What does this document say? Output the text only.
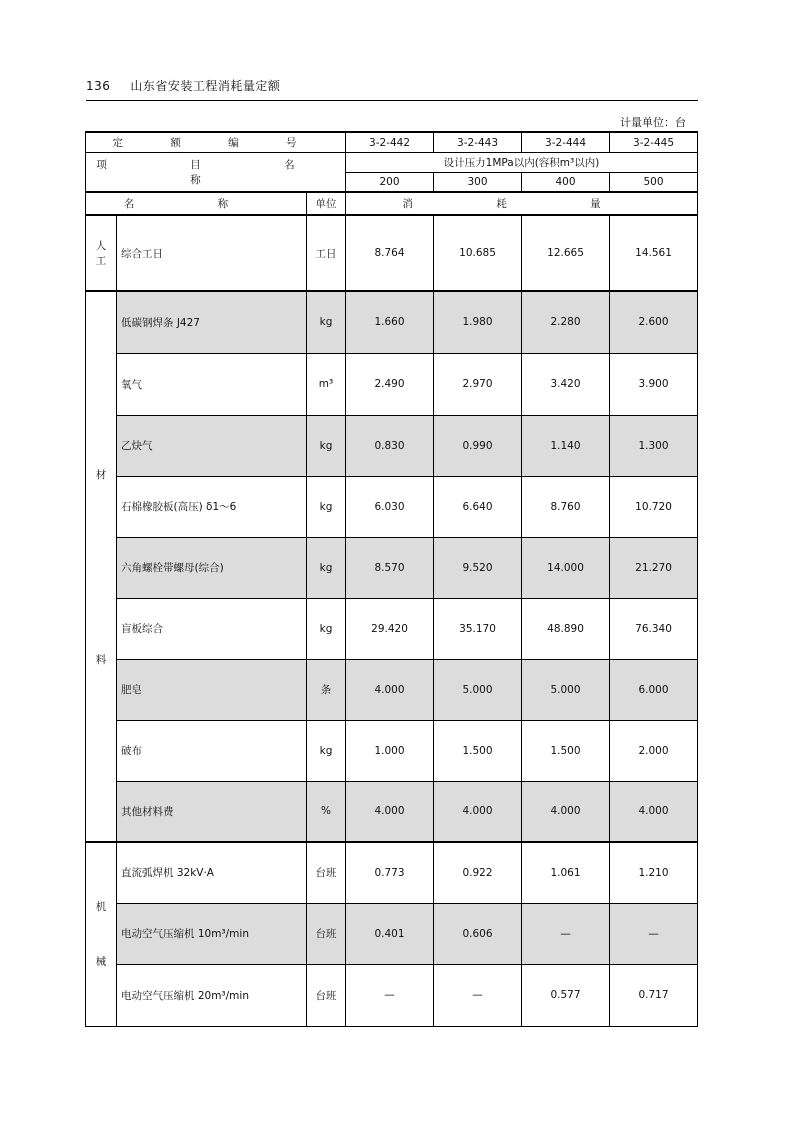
136 山东省安装工程消耗量定额
计量单位：台
定 额 编 号			3-2-442	3-2-443	3-2-444	3-2-445
项 目 名 称			设计压力1MPa以内(容积m³以内)			
			200	300	400	500
名 称		单位	消 耗 量			
人工	综合工日	工日	8.764	10.685	12.665	14.561

材
料	低碳钢焊条 J427	kg	1.660	1.980	2.280	2.600
	氧气	m³	2.490	2.970	3.420	3.900
	乙炔气	kg	0.830	0.990	1.140	1.300
	石棉橡胶板(高压) δ1～6	kg	6.030	6.640	8.760	10.720
	六角螺栓带螺母(综合)	kg	8.570	9.520	14.000	21.270
	盲板综合	kg	29.420	35.170	48.890	76.340
	肥皂	条	4.000	5.000	5.000	6.000
	破布	kg	1.000	1.500	1.500	2.000
	其他材料费	%	4.000	4.000	4.000	4.000

机
械	直流弧焊机 32kV·A	台班	0.773	0.922	1.061	1.210
	电动空气压缩机 10m³/min	台班	0.401	0.606	—	—
	电动空气压缩机 20m³/min	台班	—	—	0.577	0.717
